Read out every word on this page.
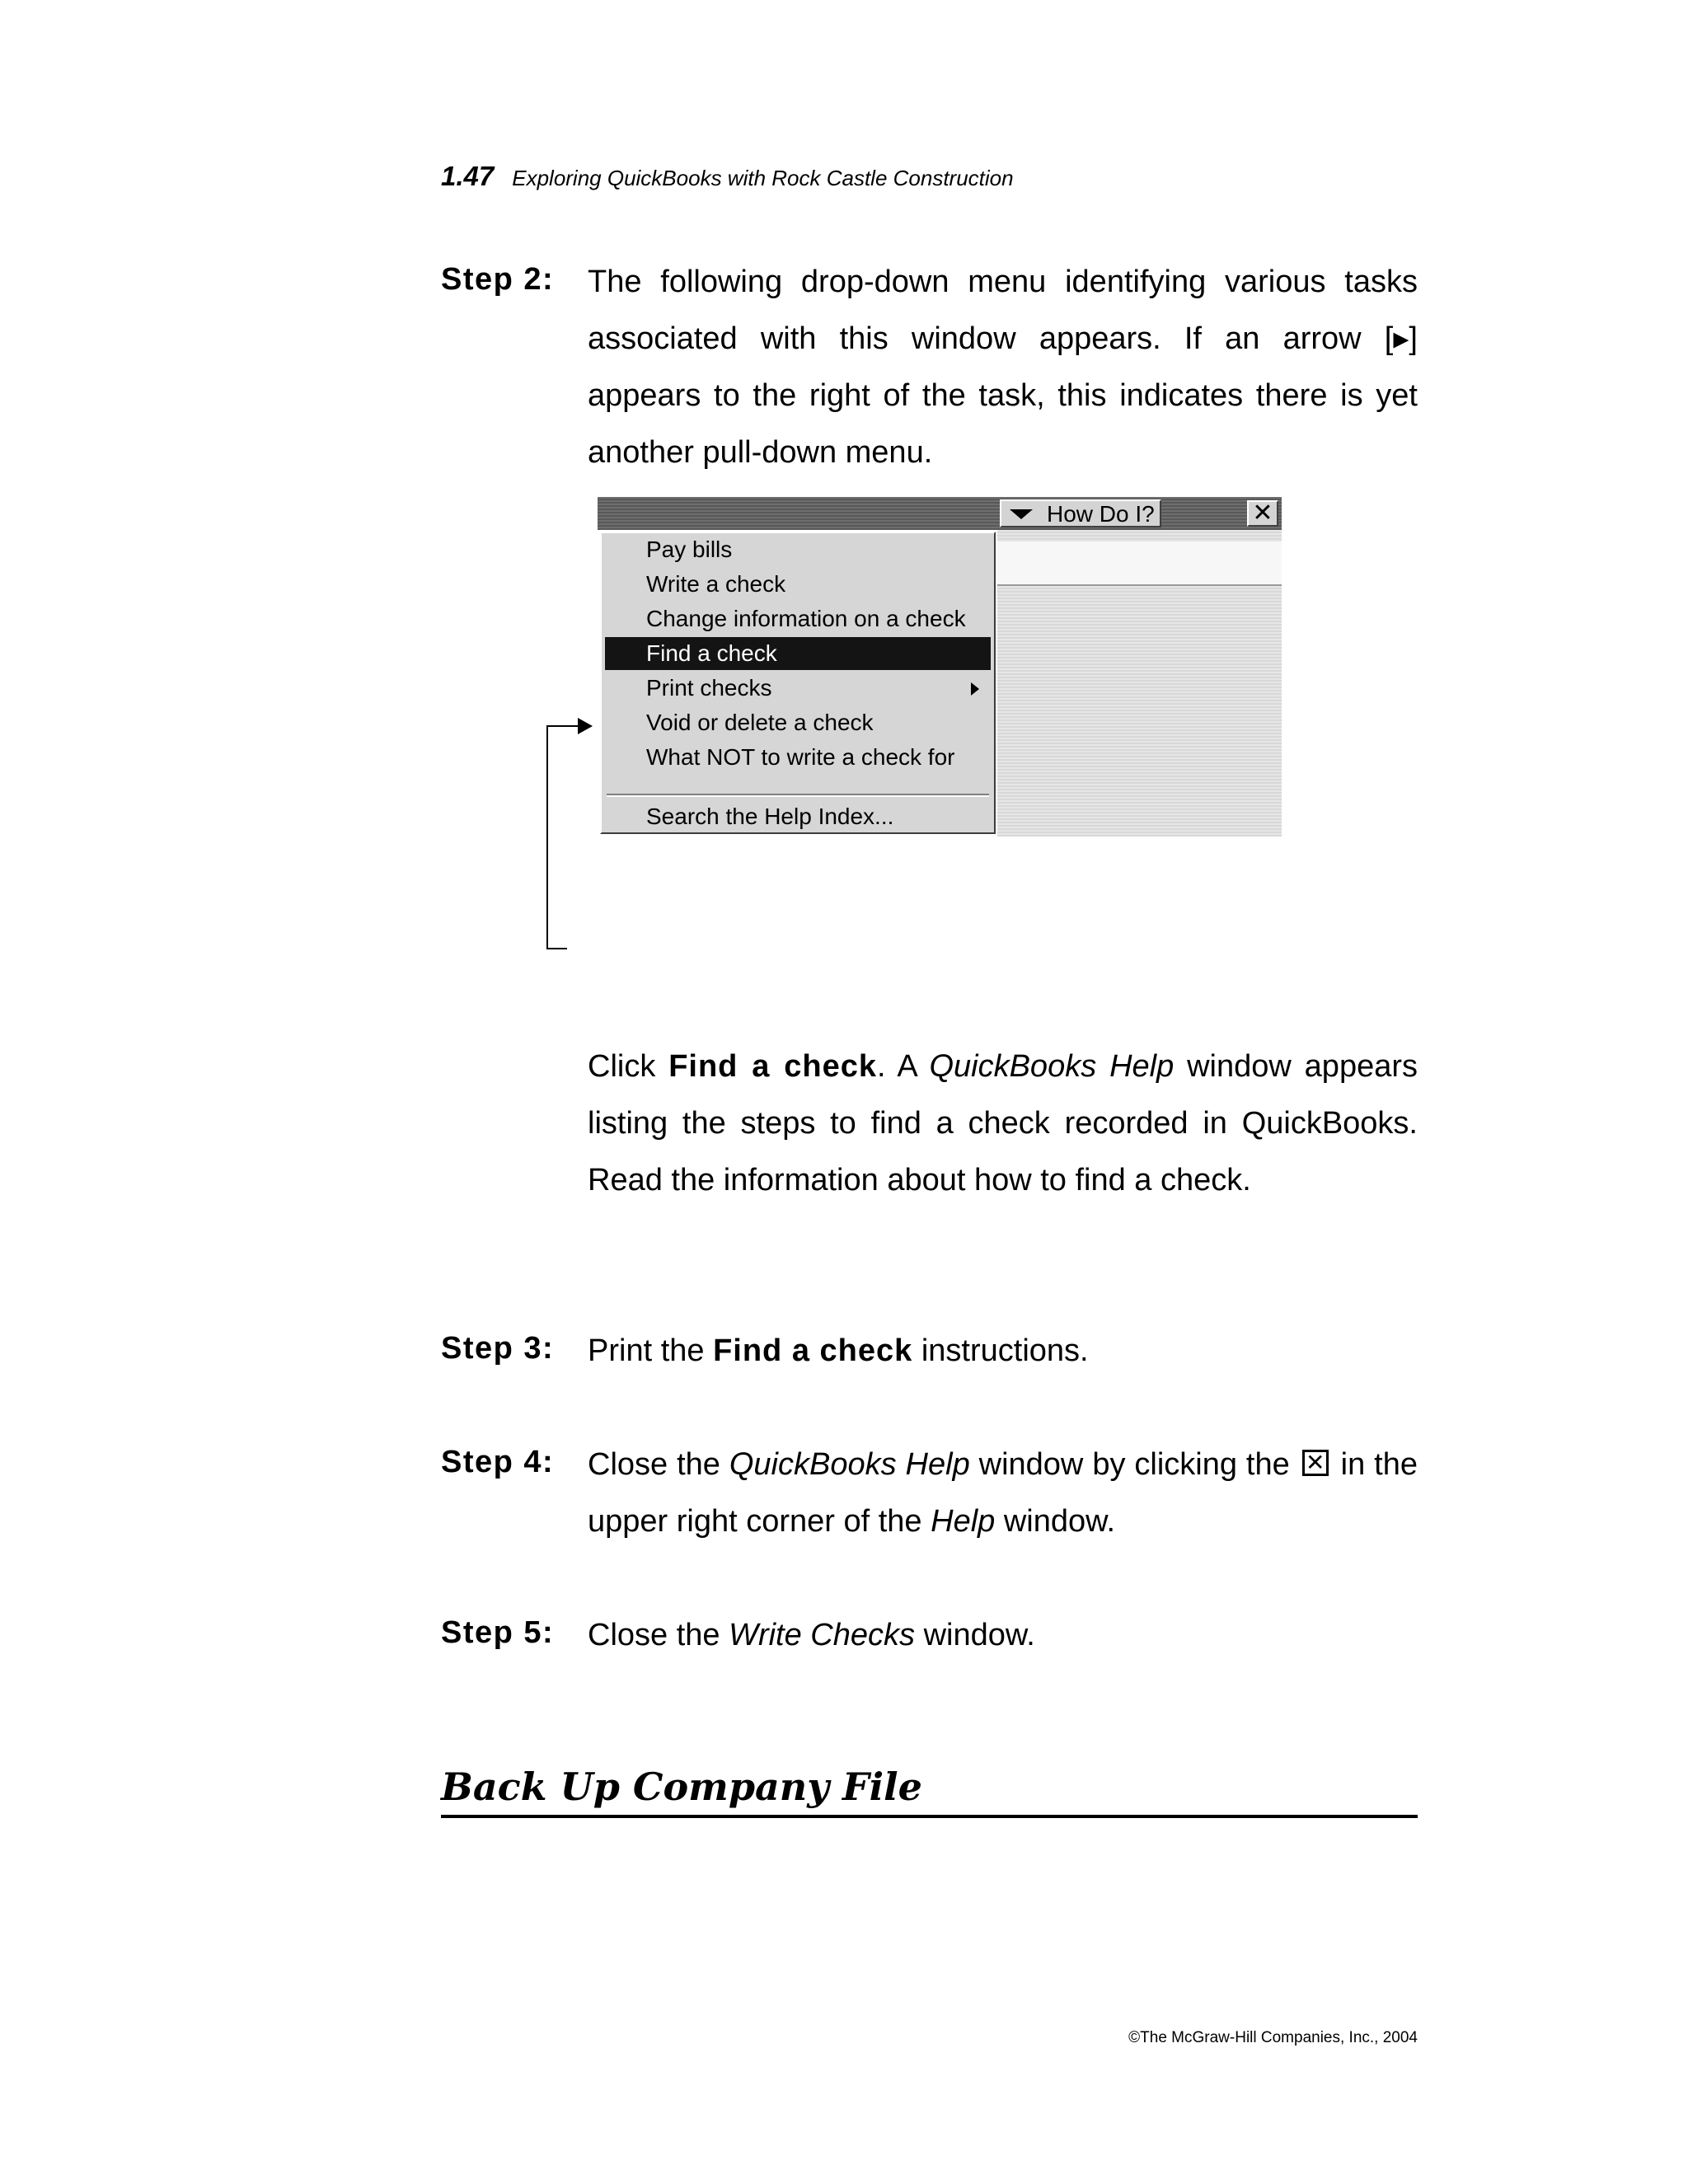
1.47 Exploring QuickBooks with Rock Castle Construction
Step 2: The following drop-down menu identifying various tasks associated with this window appears. If an arrow [▸] appears to the right of the task, this indicates there is yet another pull-down menu.
How Do I?	✕
Pay bills
Write a check
Change information on a check
Find a check
Print checks
Void or delete a check
What NOT to write a check for
Search the Help Index...
Click Find a check. A QuickBooks Help window appears listing the steps to find a check recorded in QuickBooks. Read the information about how to find a check.
Step 3: Print the Find a check instructions.
Step 4: Close the QuickBooks Help window by clicking the ✕ in the upper right corner of the Help window.
Step 5: Close the Write Checks window.
Back Up Company File
©The McGraw-Hill Companies, Inc., 2004
